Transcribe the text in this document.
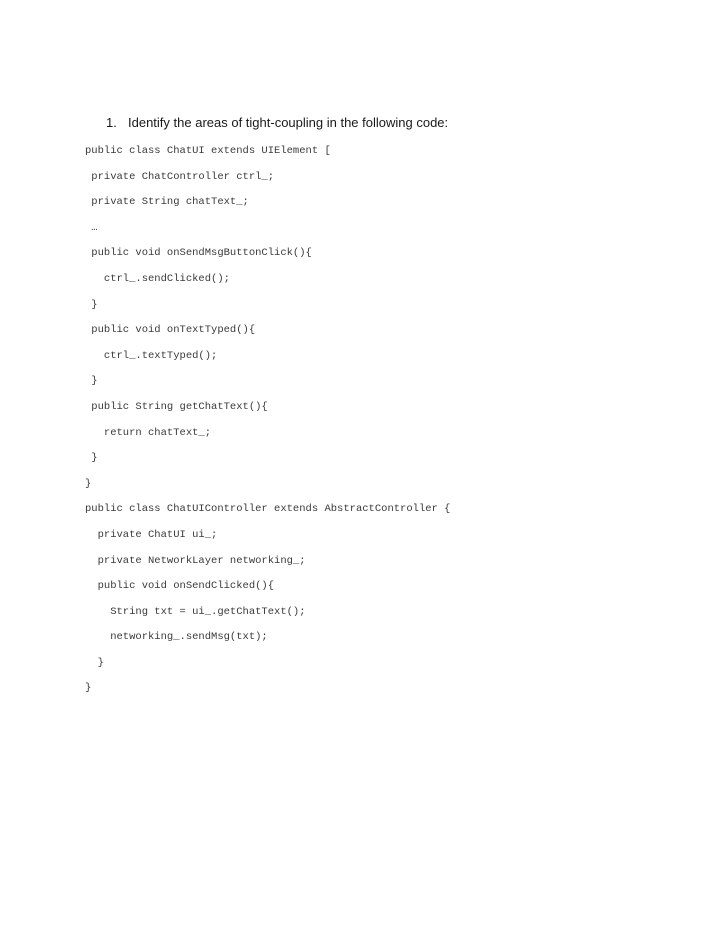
1. Identify the areas of tight-coupling in the following code:
public class ChatUI extends UIElement [
private ChatController ctrl_;
private String chatText_;
…
public void onSendMsgButtonClick(){
ctrl_.sendClicked();
}
public void onTextTyped(){
ctrl_.textTyped();
}
public String getChatText(){
return chatText_;
}
}
public class ChatUIController extends AbstractController {
private ChatUI ui_;
private NetworkLayer networking_;
public void onSendClicked(){
String txt = ui_.getChatText();
networking_.sendMsg(txt);
}
}
